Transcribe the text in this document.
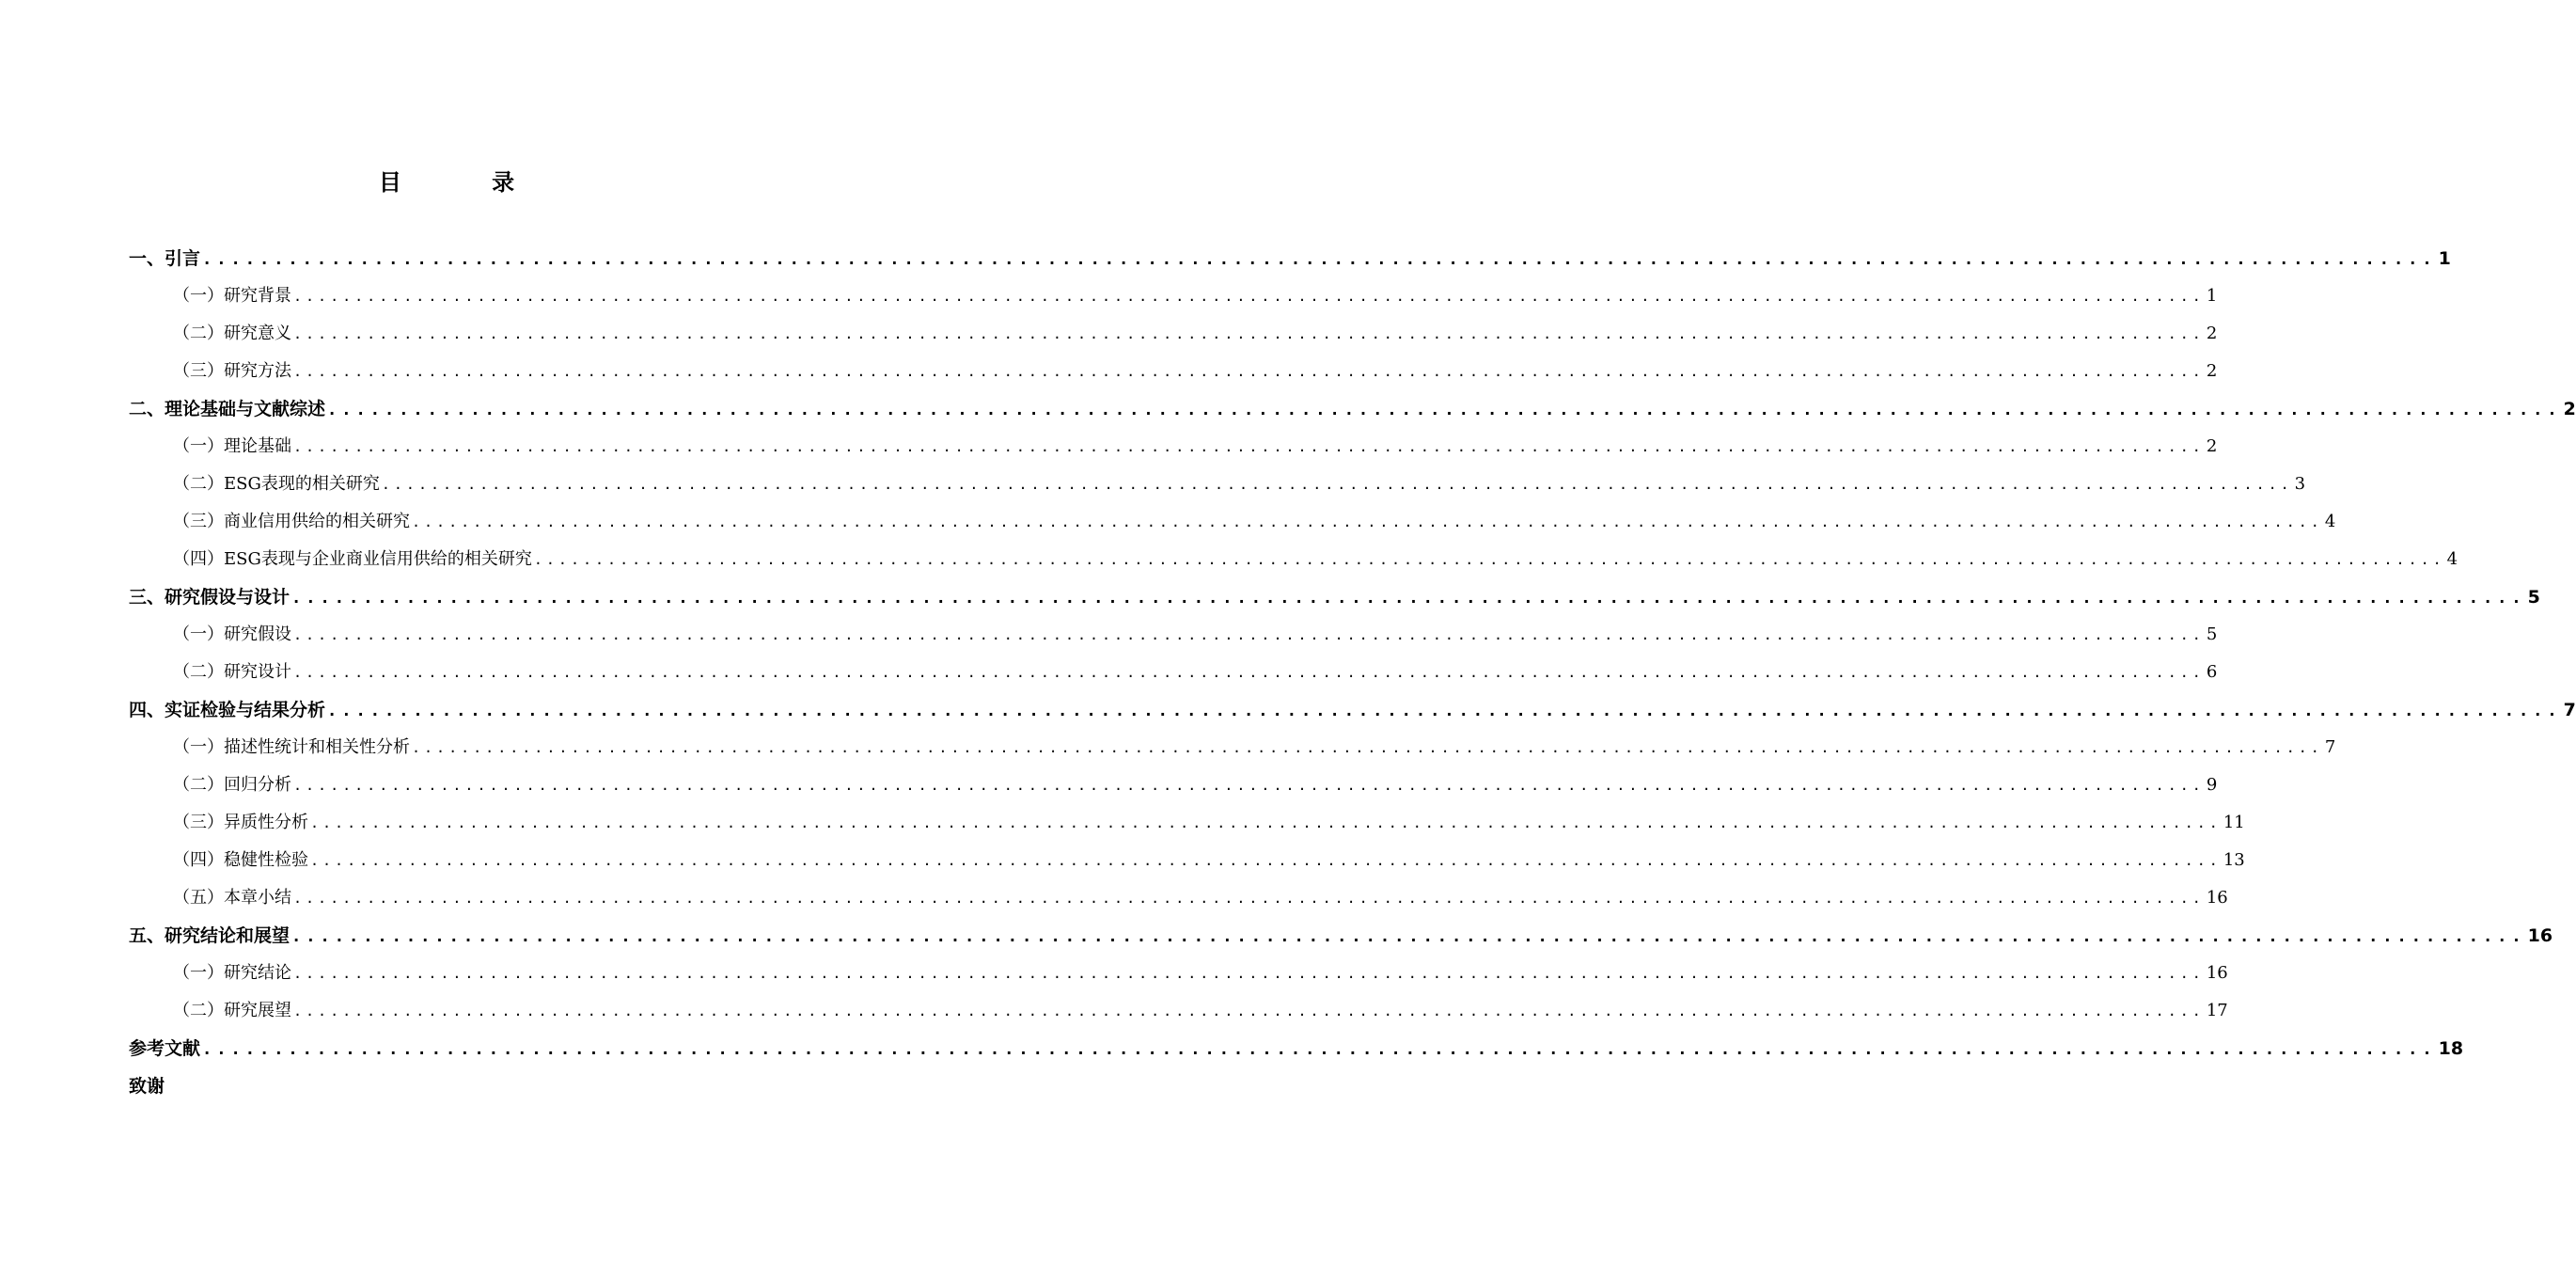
目 录
一、引言 ............................................................................................................................................................ 1
（一）研究背景 ............................................................................................................................................................ 1
（二）研究意义 ............................................................................................................................................................ 2
（三）研究方法 ............................................................................................................................................................ 2
二、理论基础与文献综述 ............................................................................................................................................................ 2
（一）理论基础 ............................................................................................................................................................ 2
（二）ESG表现的相关研究 ............................................................................................................................................................ 3
（三）商业信用供给的相关研究 ............................................................................................................................................................ 4
（四）ESG表现与企业商业信用供给的相关研究 ............................................................................................................................................................ 4
三、研究假设与设计 ............................................................................................................................................................ 5
（一）研究假设 ............................................................................................................................................................ 5
（二）研究设计 ............................................................................................................................................................ 6
四、实证检验与结果分析 ............................................................................................................................................................ 7
（一）描述性统计和相关性分析 ............................................................................................................................................................ 7
（二）回归分析 ............................................................................................................................................................ 9
（三）异质性分析 ............................................................................................................................................................ 11
（四）稳健性检验 ............................................................................................................................................................ 13
（五）本章小结 ............................................................................................................................................................ 16
五、研究结论和展望 ............................................................................................................................................................ 16
（一）研究结论 ............................................................................................................................................................ 16
（二）研究展望 ............................................................................................................................................................ 17
参考文献 ............................................................................................................................................................ 18
致谢
